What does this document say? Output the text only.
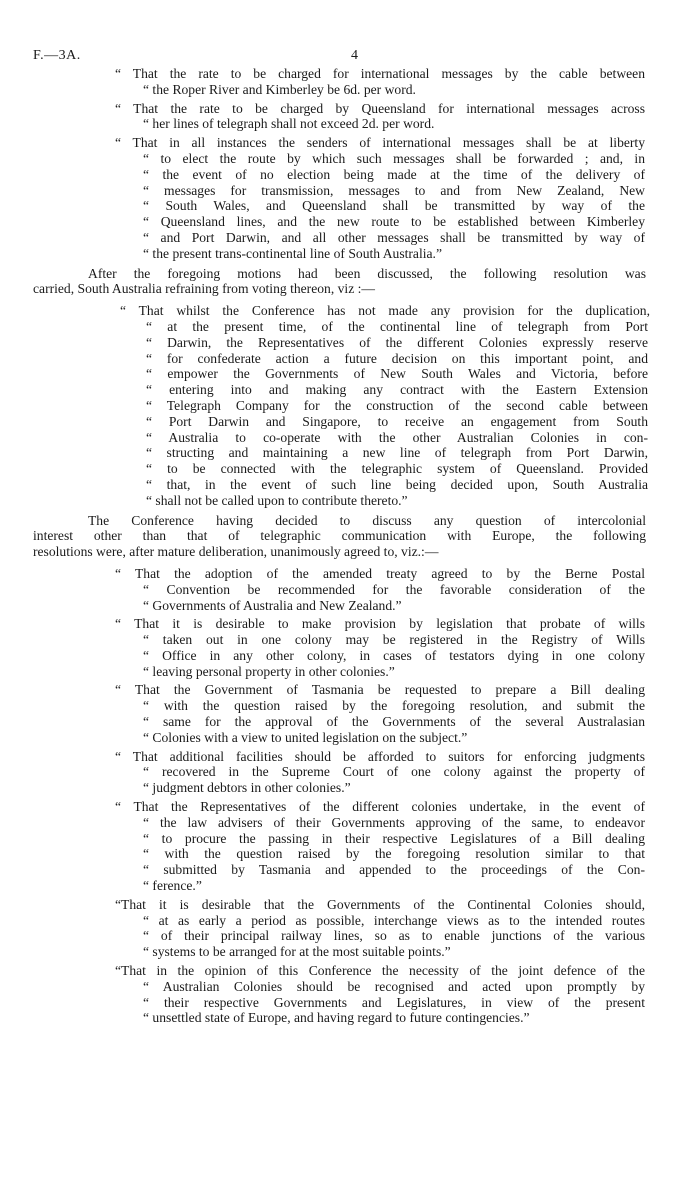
F.—3A.	4
“ That the rate to be charged for international messages by the cable between
“ the Roper River and Kimberley be 6d. per word.
“ That the rate to be charged by Queensland for international messages across
“ her lines of telegraph shall not exceed 2d. per word.
“ That in all instances the senders of international messages shall be at liberty
“ to elect the route by which such messages shall be forwarded ; and, in
“ the event of no election being made at the time of the delivery of
“ messages for transmission, messages to and from New Zealand, New
“ South Wales, and Queensland shall be transmitted by way of the
“ Queensland lines, and the new route to be established between Kimberley
“ and Port Darwin, and all other messages shall be transmitted by way of
“ the present trans-continental line of South Australia.”
After the foregoing motions had been discussed, the following resolution was
carried, South Australia refraining from voting thereon, viz :—
“ That whilst the Conference has not made any provision for the duplication,
“ at the present time, of the continental line of telegraph from Port
“ Darwin, the Representatives of the different Colonies expressly reserve
“ for confederate action a future decision on this important point, and
“ empower the Governments of New South Wales and Victoria, before
“ entering into and making any contract with the Eastern Extension
“ Telegraph Company for the construction of the second cable between
“ Port Darwin and Singapore, to receive an engagement from South
“ Australia to co-operate with the other Australian Colonies in con-
“ structing and maintaining a new line of telegraph from Port Darwin,
“ to be connected with the telegraphic system of Queensland. Provided
“ that, in the event of such line being decided upon, South Australia
“ shall not be called upon to contribute thereto.”
The Conference having decided to discuss any question of intercolonial
interest other than that of telegraphic communication with Europe, the following
resolutions were, after mature deliberation, unanimously agreed to, viz.:—
“ That the adoption of the amended treaty agreed to by the Berne Postal
“ Convention be recommended for the favorable consideration of the
“ Governments of Australia and New Zealand.”
“ That it is desirable to make provision by legislation that probate of wills
“ taken out in one colony may be registered in the Registry of Wills
“ Office in any other colony, in cases of testators dying in one colony
“ leaving personal property in other colonies.”
“ That the Government of Tasmania be requested to prepare a Bill dealing
“ with the question raised by the foregoing resolution, and submit the
“ same for the approval of the Governments of the several Australasian
“ Colonies with a view to united legislation on the subject.”
“ That additional facilities should be afforded to suitors for enforcing judgments
“ recovered in the Supreme Court of one colony against the property of
“ judgment debtors in other colonies.”
“ That the Representatives of the different colonies undertake, in the event of
“ the law advisers of their Governments approving of the same, to endeavor
“ to procure the passing in their respective Legislatures of a Bill dealing
“ with the question raised by the foregoing resolution similar to that
“ submitted by Tasmania and appended to the proceedings of the Con-
“ ference.”
“That it is desirable that the Governments of the Continental Colonies should,
“ at as early a period as possible, interchange views as to the intended routes
“ of their principal railway lines, so as to enable junctions of the various
“ systems to be arranged for at the most suitable points.”
“That in the opinion of this Conference the necessity of the joint defence of the
“ Australian Colonies should be recognised and acted upon promptly by
“ their respective Governments and Legislatures, in view of the present
“ unsettled state of Europe, and having regard to future contingencies.”
